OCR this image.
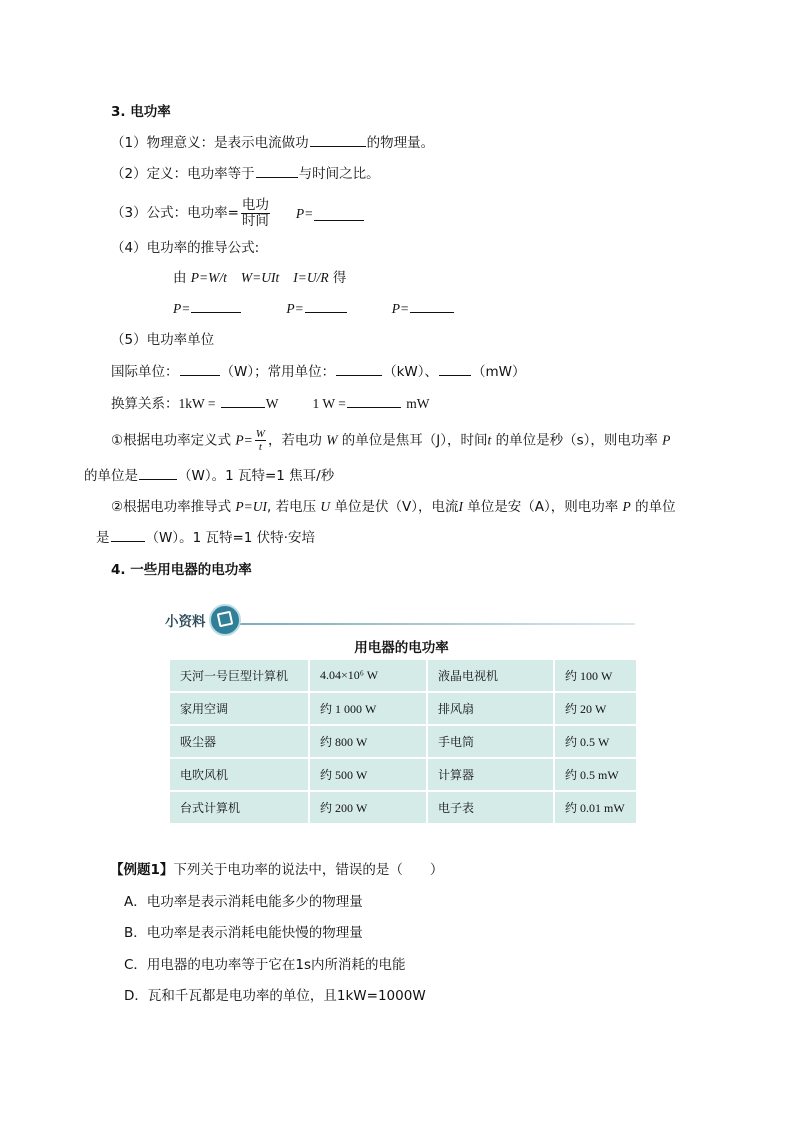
3. 电功率
（1）物理意义：是表示电流做功	的物理量。
（2）定义：电功率等于	与时间之比。
（3）公式：电功率= $\frac{\text{电功}}{\text{时间}} P=$
（4）电功率的推导公式:
由 P=W/t W=UIt I=U/R 得
P=	P=	P=
（5）电功率单位
国际单位：	（W）；常用单位：	（kW）、	（mW）
换算关系：1kW =	W	1 W =	mW
①根据电功率定义式 $P= \frac{W}{t}$ ，若电功 W 的单位是焦耳（J），时间t 的单位是秒（s），则电功率 P
的单位是	（W）。1 瓦特=1 焦耳/秒
②根据电功率推导式 P=UI, 若电压 U 单位是伏（V），电流I 单位是安（A），则电功率 P 的单位
是	（W）。1 瓦特=1 伏特·安培
4. 一些用电器的电功率
小资料
用电器的电功率
天河一号巨型计算机	4.04×10⁶ W	液晶电视机	约 100 W
家用空调	约 1 000 W	排风扇	约 20 W
吸尘器	约 800 W	手电筒	约 0.5 W
电吹风机	约 500 W	计算器	约 0.5 mW
台式计算机	约 200 W	电子表	约 0.01 mW
【例题1】下列关于电功率的说法中，错误的是（　　）
A．电功率是表示消耗电能多少的物理量
B．电功率是表示消耗电能快慢的物理量
C．用电器的电功率等于它在1s内所消耗的电能
D．瓦和千瓦都是电功率的单位，且1kW=1000W
